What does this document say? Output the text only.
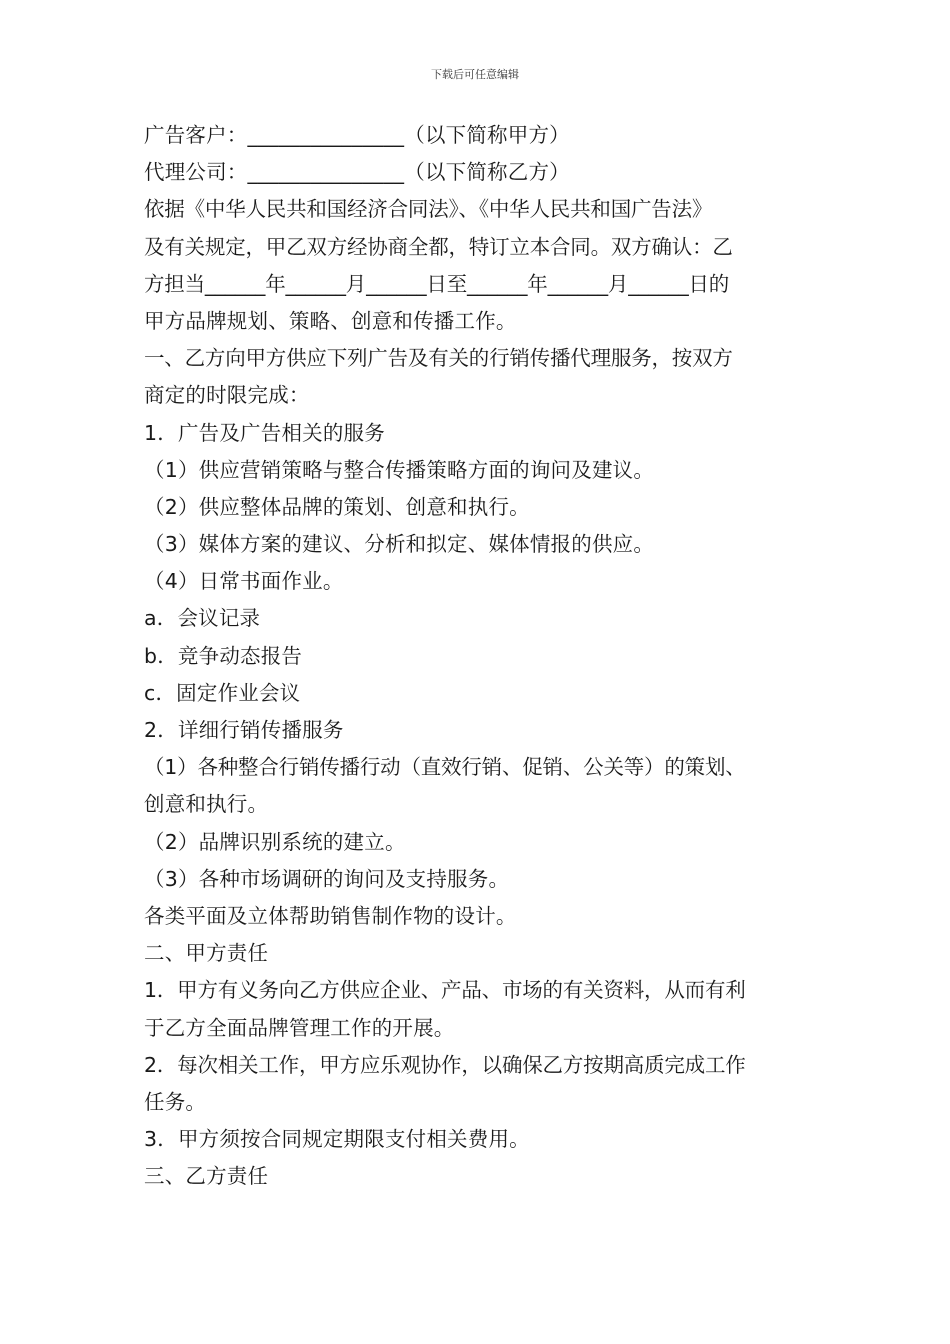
下载后可任意编辑
广告客户：_______________（以下简称甲方）
代理公司：_______________（以下简称乙方）
依据《中华人民共和国经济合同法》、《中华人民共和国广告法》
及有关规定，甲乙双方经协商全都，特订立本合同。双方确认：乙
方担当______年______月______日至______年______月______日的
甲方品牌规划、策略、创意和传播工作。
一、乙方向甲方供应下列广告及有关的行销传播代理服务，按双方
商定的时限完成：
1．广告及广告相关的服务
（1）供应营销策略与整合传播策略方面的询问及建议。
（2）供应整体品牌的策划、创意和执行。
（3）媒体方案的建议、分析和拟定、媒体情报的供应。
（4）日常书面作业。
a．会议记录
b．竞争动态报告
c．固定作业会议
2．详细行销传播服务
（1）各种整合行销传播行动（直效行销、促销、公关等）的策划、
创意和执行。
（2）品牌识别系统的建立。
（3）各种市场调研的询问及支持服务。
各类平面及立体帮助销售制作物的设计。
二、甲方责任
1．甲方有义务向乙方供应企业、产品、市场的有关资料，从而有利
于乙方全面品牌管理工作的开展。
2．每次相关工作，甲方应乐观协作，以确保乙方按期高质完成工作
任务。
3．甲方须按合同规定期限支付相关费用。
三、乙方责任
